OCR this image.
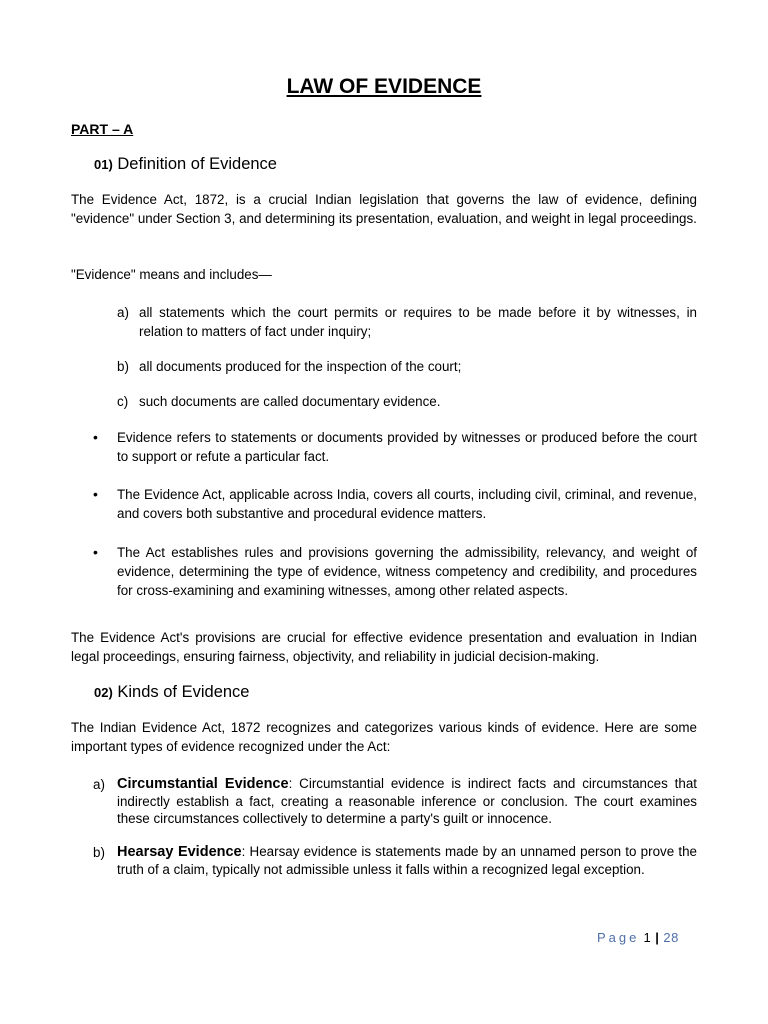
LAW OF EVIDENCE
PART – A
01) Definition of Evidence
The Evidence Act, 1872, is a crucial Indian legislation that governs the law of evidence, defining "evidence" under Section 3, and determining its presentation, evaluation, and weight in legal proceedings.
"Evidence" means and includes—
a) all statements which the court permits or requires to be made before it by witnesses, in relation to matters of fact under inquiry;
b) all documents produced for the inspection of the court;
c) such documents are called documentary evidence.
• Evidence refers to statements or documents provided by witnesses or produced before the court to support or refute a particular fact.
• The Evidence Act, applicable across India, covers all courts, including civil, criminal, and revenue, and covers both substantive and procedural evidence matters.
• The Act establishes rules and provisions governing the admissibility, relevancy, and weight of evidence, determining the type of evidence, witness competency and credibility, and procedures for cross-examining and examining witnesses, among other related aspects.
The Evidence Act's provisions are crucial for effective evidence presentation and evaluation in Indian legal proceedings, ensuring fairness, objectivity, and reliability in judicial decision-making.
02) Kinds of Evidence
The Indian Evidence Act, 1872 recognizes and categorizes various kinds of evidence. Here are some important types of evidence recognized under the Act:
a) Circumstantial Evidence: Circumstantial evidence is indirect facts and circumstances that indirectly establish a fact, creating a reasonable inference or conclusion. The court examines these circumstances collectively to determine a party's guilt or innocence.
b) Hearsay Evidence: Hearsay evidence is statements made by an unnamed person to prove the truth of a claim, typically not admissible unless it falls within a recognized legal exception.
Page 1 | 28
